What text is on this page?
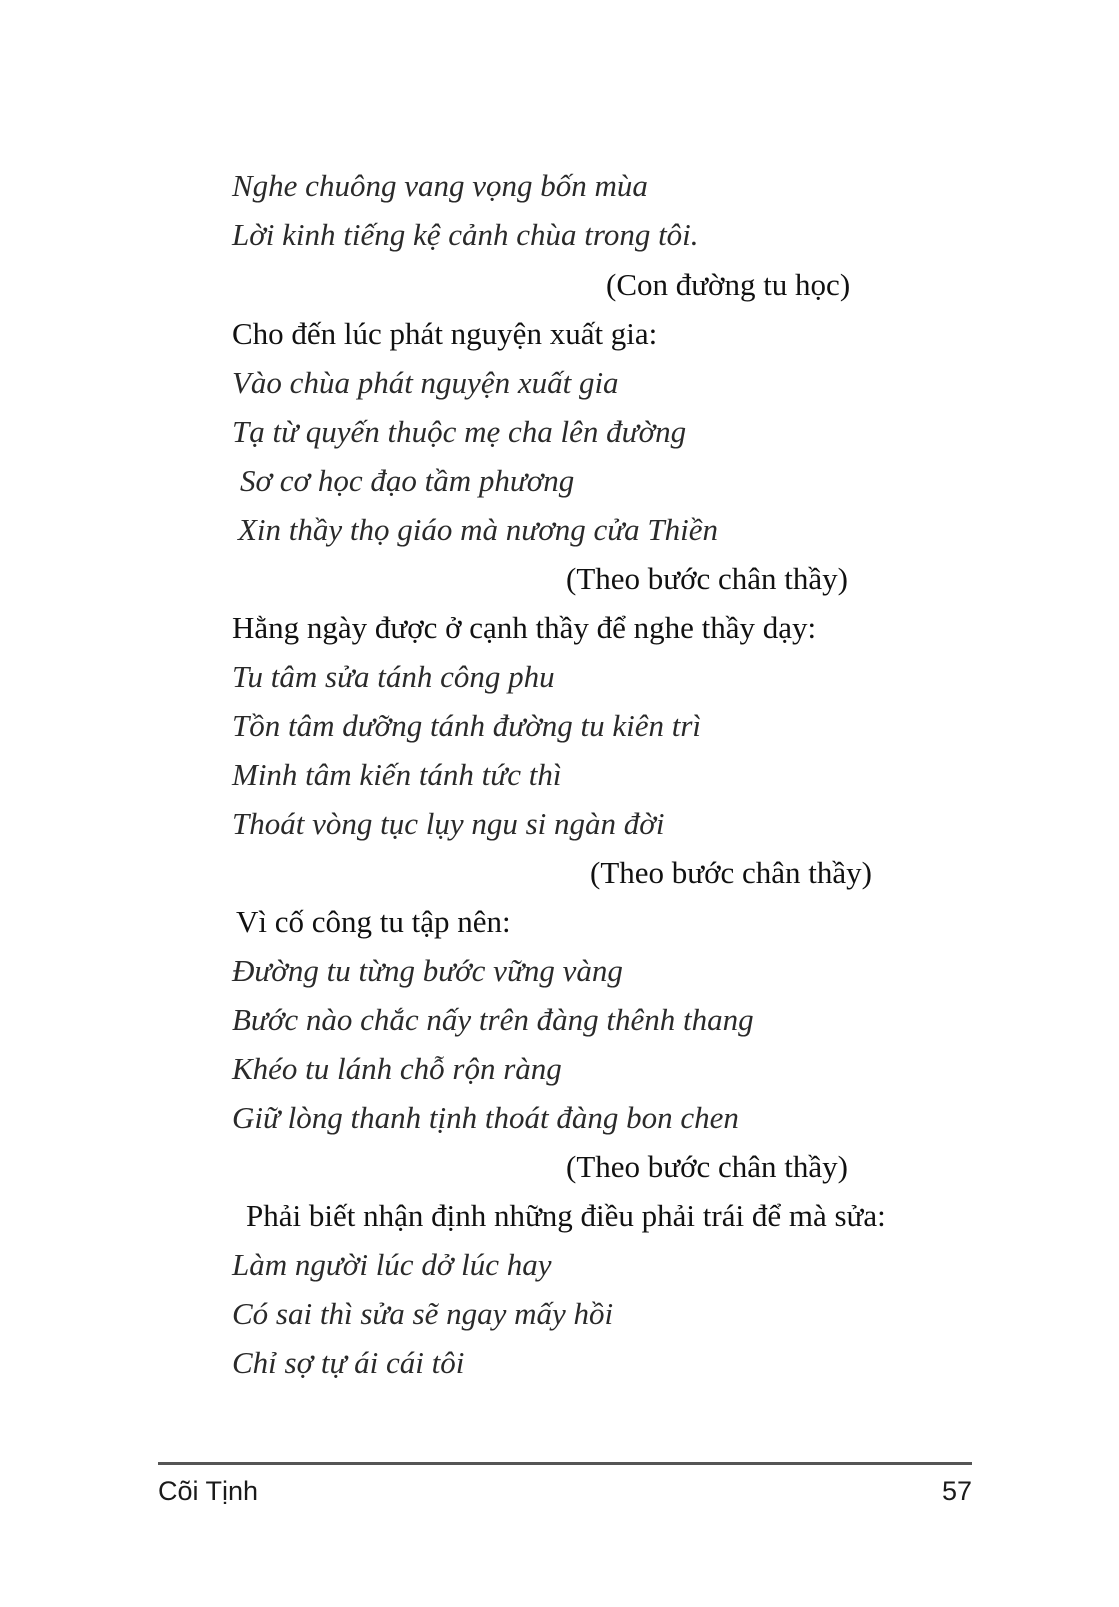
Nghe chuông vang vọng bốn mùa
Lời kinh tiếng kệ cảnh chùa trong tôi.
(Con đường tu học)
Cho đến lúc phát nguyện xuất gia:
Vào chùa phát nguyện xuất gia
Tạ từ quyến thuộc mẹ cha lên đường
Sơ cơ học đạo tầm phương
Xin thầy thọ giáo mà nương cửa Thiền
(Theo bước chân thầy)
Hằng ngày được ở cạnh thầy để nghe thầy dạy:
Tu tâm sửa tánh công phu
Tồn tâm dưỡng tánh đường tu kiên trì
Minh tâm kiến tánh tức thì
Thoát vòng tục lụy ngu si ngàn đời
(Theo bước chân thầy)
Vì cố công tu tập nên:
Đường tu từng bước vững vàng
Bước nào chắc nấy trên đàng thênh thang
Khéo tu lánh chỗ rộn ràng
Giữ lòng thanh tịnh thoát đàng bon chen
(Theo bước chân thầy)
Phải biết nhận định những điều phải trái để mà sửa:
Làm người lúc dở lúc hay
Có sai thì sửa sẽ ngay mấy hồi
Chỉ sợ tự ái cái tôi
Cõi Tịnh	57
